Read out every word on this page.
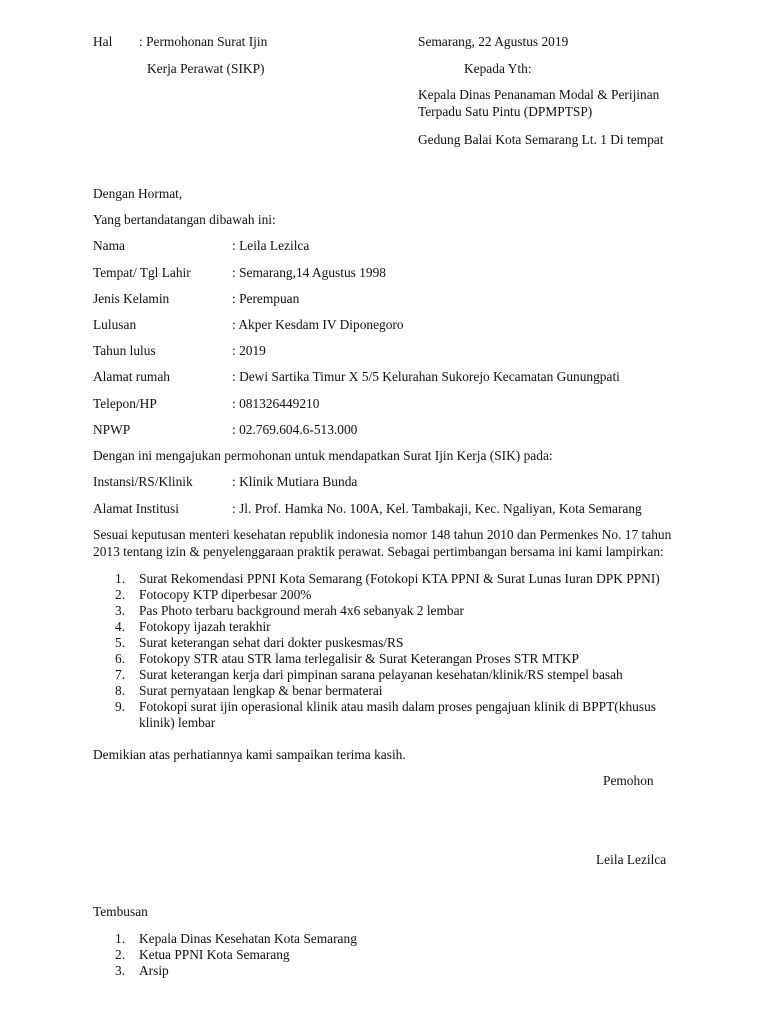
Hal : Permohonan Surat Ijin
Kerja Perawat (SIKP)
Semarang, 22 Agustus 2019
Kepada Yth:
Kepala Dinas Penanaman Modal & Perijinan
Terpadu Satu Pintu (DPMPTSP)
Gedung Balai Kota Semarang Lt. 1 Di tempat
Dengan Hormat,
Yang bertandatangan dibawah ini:
Nama	: Leila Lezilca
Tempat/ Tgl Lahir	: Semarang,14 Agustus 1998
Jenis Kelamin	: Perempuan
Lulusan	: Akper Kesdam IV Diponegoro
Tahun lulus	: 2019
Alamat rumah	: Dewi Sartika Timur X 5/5 Kelurahan Sukorejo Kecamatan Gunungpati
Telepon/HP	: 081326449210
NPWP	: 02.769.604.6-513.000
Dengan ini mengajukan permohonan untuk mendapatkan Surat Ijin Kerja (SIK) pada:
Instansi/RS/Klinik	: Klinik Mutiara Bunda
Alamat Institusi	: Jl. Prof. Hamka No. 100A, Kel. Tambakaji, Kec. Ngaliyan, Kota Semarang
Sesuai keputusan menteri kesehatan republik indonesia nomor 148 tahun 2010 dan Permenkes No. 17 tahun
2013 tentang izin & penyelenggaraan praktik perawat. Sebagai pertimbangan bersama ini kami lampirkan:
1. Surat Rekomendasi PPNI Kota Semarang (Fotokopi KTA PPNI & Surat Lunas Iuran DPK PPNI)
2. Fotocopy KTP diperbesar 200%
3. Pas Photo terbaru background merah 4x6 sebanyak 2 lembar
4. Fotokopy ijazah terakhir
5. Surat keterangan sehat dari dokter puskesmas/RS
6. Fotokopy STR atau STR lama terlegalisir & Surat Keterangan Proses STR MTKP
7. Surat keterangan kerja dari pimpinan sarana pelayanan kesehatan/klinik/RS stempel basah
8. Surat pernyataan lengkap & benar bermaterai
9. Fotokopi surat ijin operasional klinik atau masih dalam proses pengajuan klinik di BPPT(khusus
klinik) lembar
Demikian atas perhatiannya kami sampaikan terima kasih.
Pemohon
Leila Lezilca
Tembusan
1. Kepala Dinas Kesehatan Kota Semarang
2. Ketua PPNI Kota Semarang
3. Arsip
